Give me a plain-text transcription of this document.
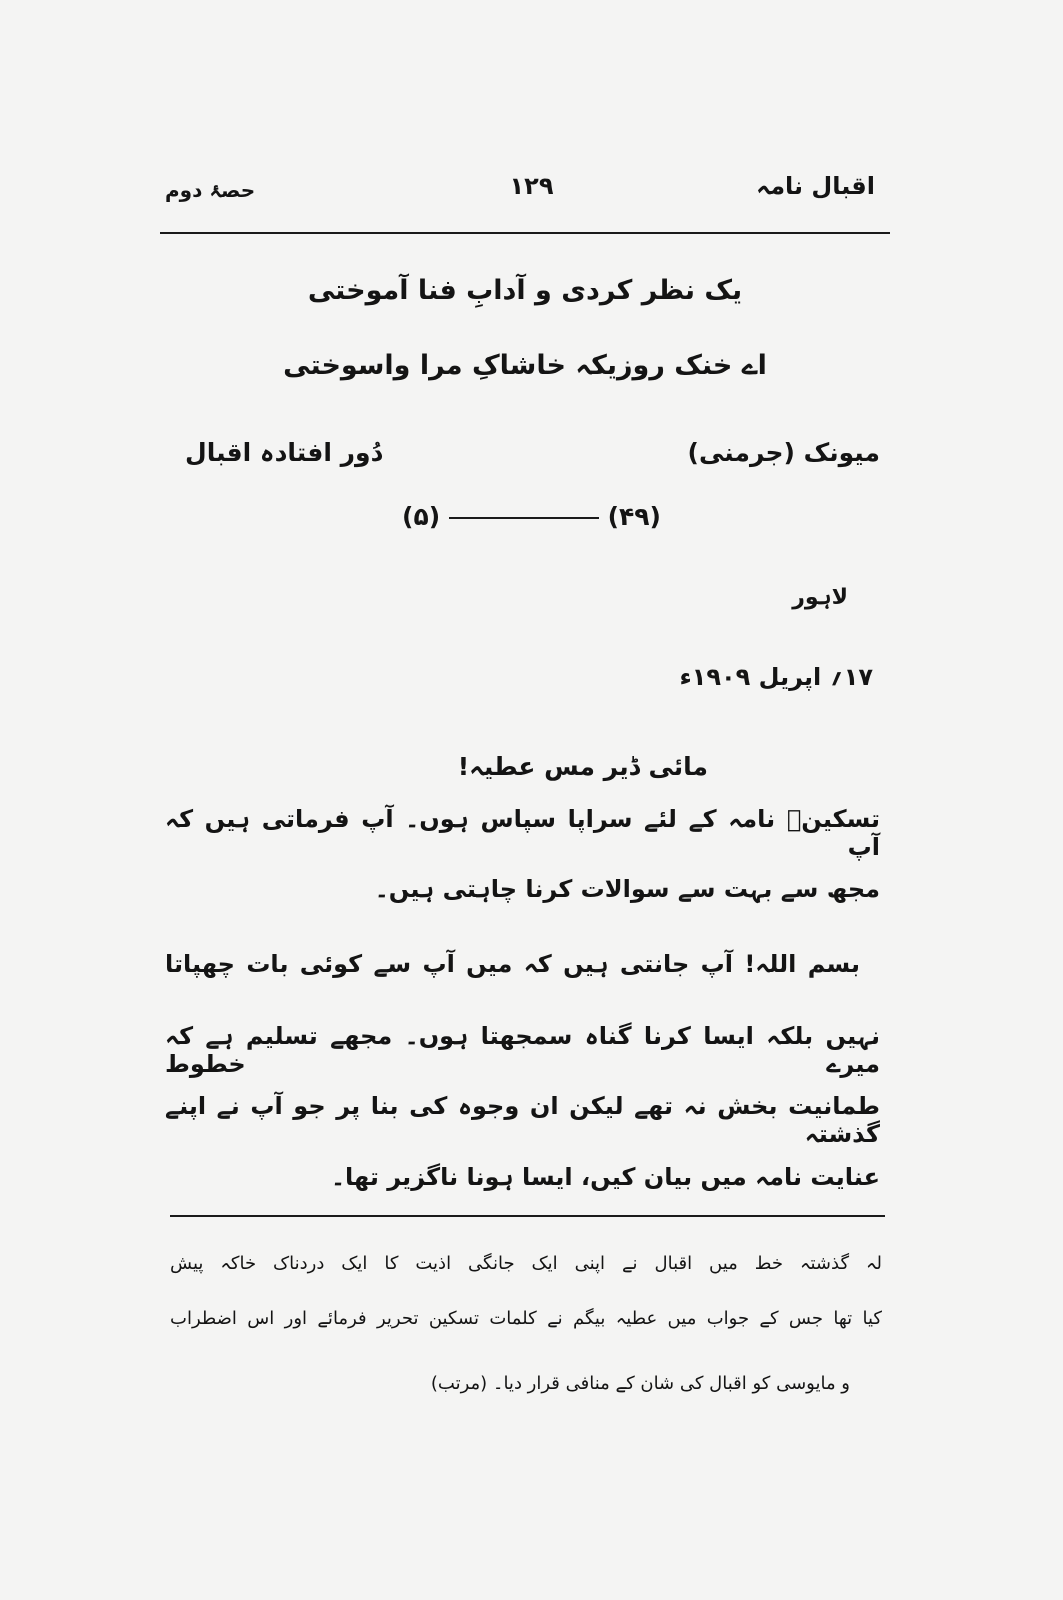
اقبال نامہ
۱۲۹
حصۂ دوم
یک نظر کردی و آدابِ فنا آموختی
اے خنک روزیکہ خاشاکِ مرا واسوختی
میونک (جرمنی)
دُور افتادہ اقبال
(۵)	(۴۹)
لاہور
۱۷؍ اپریل ۱۹۰۹ء
مائی ڈیر مس عطیہ!
تسکینؔ نامہ کے لئے سراپا سپاس ہوں۔ آپ فرماتی ہیں کہ آپ
مجھ سے بہت سے سوالات کرنا چاہتی ہیں۔
بسم اللہ! آپ جانتی ہیں کہ میں آپ سے کوئی بات چھپاتا
نہیں بلکہ ایسا کرنا گناہ سمجھتا ہوں۔ مجھے تسلیم ہے کہ میرے خطوط
طمانیت بخش نہ تھے لیکن ان وجوہ کی بنا پر جو آپ نے اپنے گذشتہ
عنایت نامہ میں بیان کیں، ایسا ہونا ناگزیر تھا۔
لہ گذشتہ خط میں اقبال نے اپنی ایک جانگی اذیت کا ایک دردناک خاکہ پیش
کیا تھا جس کے جواب میں عطیہ بیگم نے کلمات تسکین تحریر فرمائے اور اس اضطراب
و مایوسی کو اقبال کی شان کے منافی قرار دیا۔ (مرتب)
